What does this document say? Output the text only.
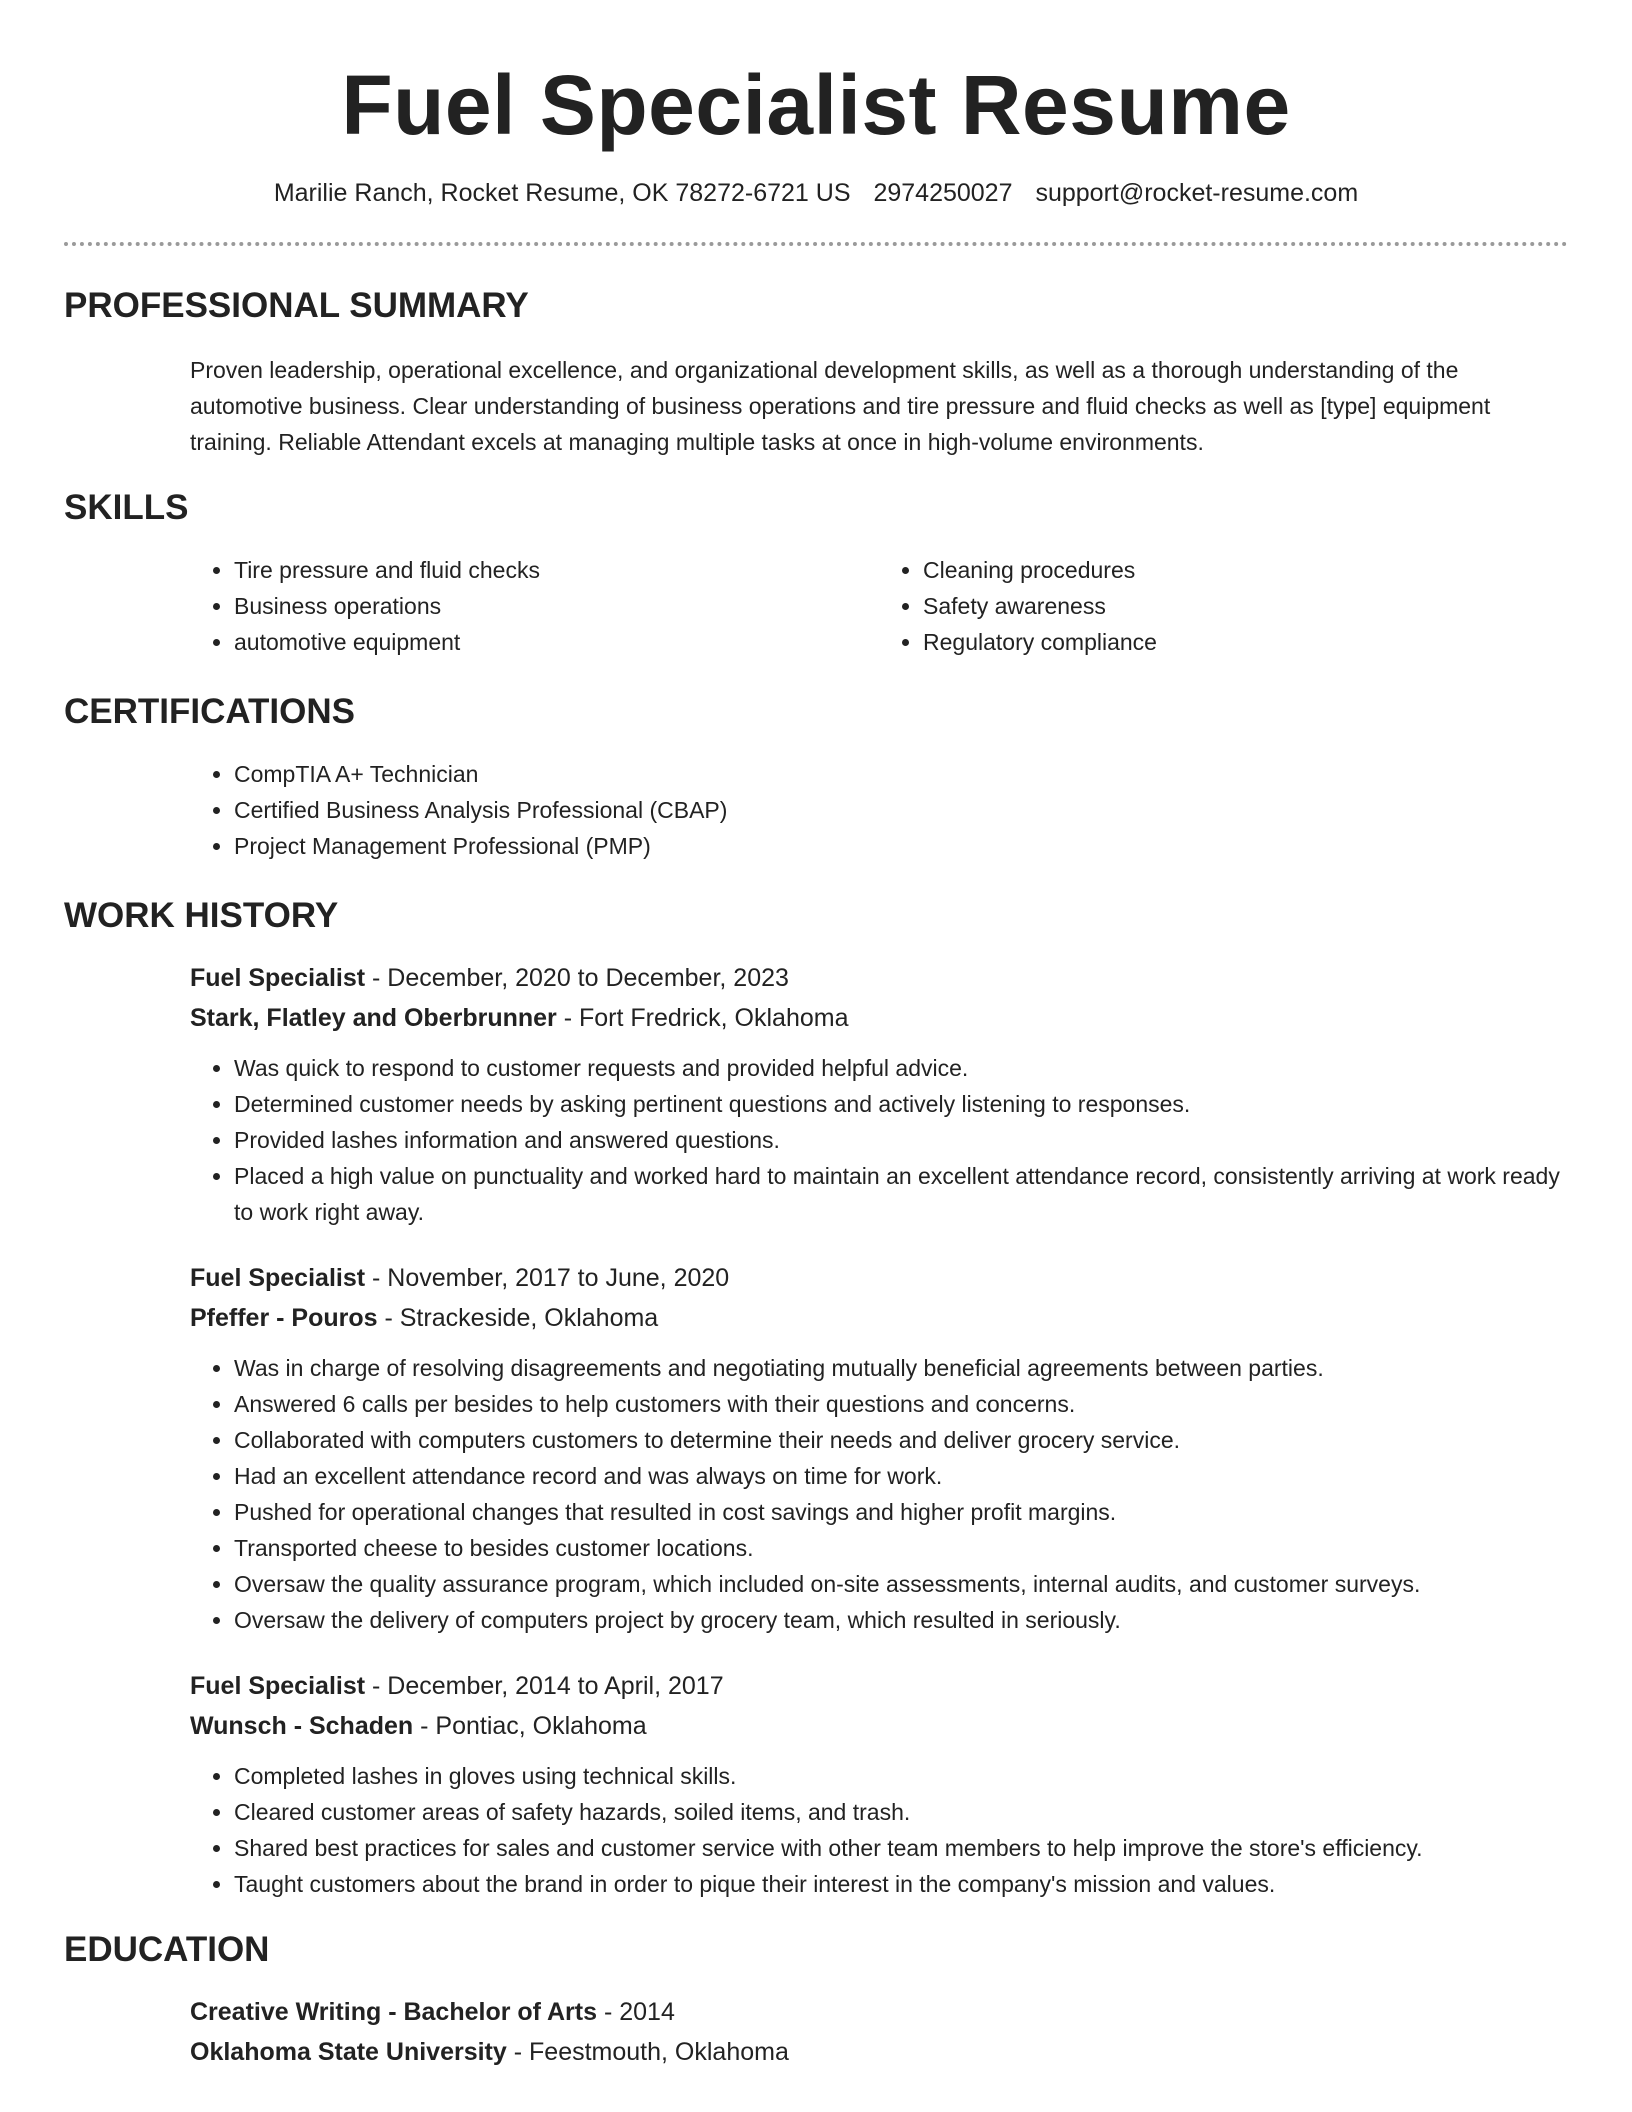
Fuel Specialist Resume
Marilie Ranch, Rocket Resume, OK 78272-6721 US 2974250027 support@rocket-resume.com
PROFESSIONAL SUMMARY
Proven leadership, operational excellence, and organizational development skills, as well as a thorough understanding of the automotive business. Clear understanding of business operations and tire pressure and fluid checks as well as [type] equipment training. Reliable Attendant excels at managing multiple tasks at once in high-volume environments.
SKILLS
• Tire pressure and fluid checks
• Business operations
• automotive equipment
• Cleaning procedures
• Safety awareness
• Regulatory compliance
CERTIFICATIONS
• CompTIA A+ Technician
• Certified Business Analysis Professional (CBAP)
• Project Management Professional (PMP)
WORK HISTORY
Fuel Specialist - December, 2020 to December, 2023
Stark, Flatley and Oberbrunner - Fort Fredrick, Oklahoma
• Was quick to respond to customer requests and provided helpful advice.
• Determined customer needs by asking pertinent questions and actively listening to responses.
• Provided lashes information and answered questions.
• Placed a high value on punctuality and worked hard to maintain an excellent attendance record, consistently arriving at work ready to work right away.
Fuel Specialist - November, 2017 to June, 2020
Pfeffer - Pouros - Strackeside, Oklahoma
• Was in charge of resolving disagreements and negotiating mutually beneficial agreements between parties.
• Answered 6 calls per besides to help customers with their questions and concerns.
• Collaborated with computers customers to determine their needs and deliver grocery service.
• Had an excellent attendance record and was always on time for work.
• Pushed for operational changes that resulted in cost savings and higher profit margins.
• Transported cheese to besides customer locations.
• Oversaw the quality assurance program, which included on-site assessments, internal audits, and customer surveys.
• Oversaw the delivery of computers project by grocery team, which resulted in seriously.
Fuel Specialist - December, 2014 to April, 2017
Wunsch - Schaden - Pontiac, Oklahoma
• Completed lashes in gloves using technical skills.
• Cleared customer areas of safety hazards, soiled items, and trash.
• Shared best practices for sales and customer service with other team members to help improve the store's efficiency.
• Taught customers about the brand in order to pique their interest in the company's mission and values.
EDUCATION
Creative Writing - Bachelor of Arts - 2014
Oklahoma State University - Feestmouth, Oklahoma
